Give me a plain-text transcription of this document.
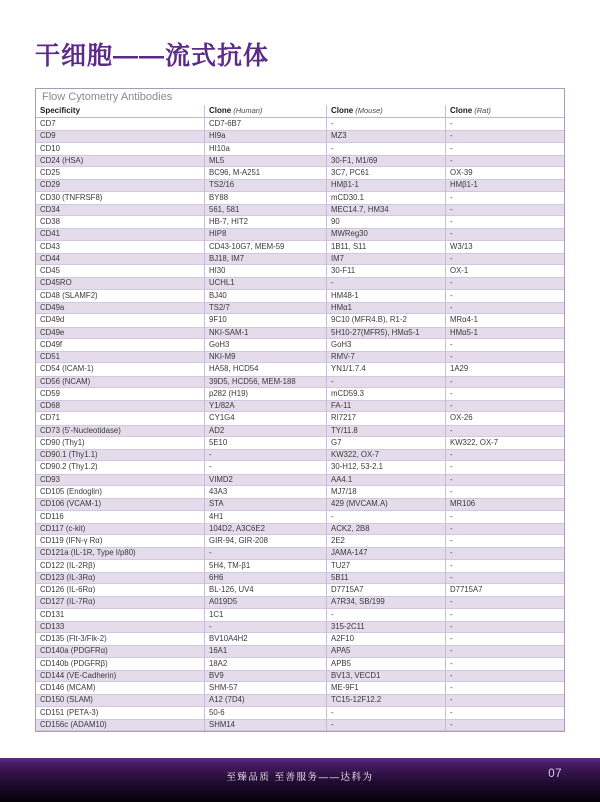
干细胞——流式抗体
Flow Cytometry Antibodies
Specificity	Clone (Human)	Clone (Mouse)	Clone (Rat)
CD7	CD7-6B7	-	-
CD9	HI9a	MZ3	-
CD10	HI10a	-	-
CD24 (HSA)	ML5	30-F1, M1/69	-
CD25	BC96, M-A251	3C7, PC61	OX-39
CD29	TS2/16	HMβ1-1	HMβ1-1
CD30 (TNFRSF8)	BY88	mCD30.1	-
CD34	561, 581	MEC14.7, HM34	-
CD38	HB-7, HIT2	90	-
CD41	HIP8	MWReg30	-
CD43	CD43-10G7, MEM-59	1B11, S11	W3/13
CD44	BJ18, IM7	IM7	-
CD45	HI30	30-F11	OX-1
CD45RO	UCHL1	-	-
CD48 (SLAMF2)	BJ40	HM48-1	-
CD49a	TS2/7	HMα1	-
CD49d	9F10	9C10 (MFR4.B), R1-2	MRα4-1
CD49e	NKI-SAM-1	5H10-27(MFR5), HMα5-1	HMα5-1
CD49f	GoH3	GoH3	-
CD51	NKI-M9	RMV-7	-
CD54 (ICAM-1)	HA58, HCD54	YN1/1.7.4	1A29
CD56 (NCAM)	39D5, HCD56, MEM-188	-	-
CD59	p282 (H19)	mCD59.3	-
CD68	Y1/82A	FA-11	-
CD71	CY1G4	RI7217	OX-26
CD73 (5'-Nucleotidase)	AD2	TY/11.8	-
CD90 (Thy1)	5E10	G7	KW322, OX-7
CD90.1 (Thy1.1)	-	KW322, OX-7	-
CD90.2 (Thy1.2)	-	30-H12, 53-2.1	-
CD93	VIMD2	AA4.1	-
CD105 (Endoglin)	43A3	MJ7/18	-
CD106 (VCAM-1)	STA	429 (MVCAM.A)	MR106
CD116	4H1	-	-
CD117 (c-kit)	104D2, A3C6E2	ACK2, 2B8	-
CD119 (IFN-γ Rα)	GIR-94, GIR-208	2E2	-
CD121a (IL-1R, Type I/p80)	-	JAMA-147	-
CD122 (IL-2Rβ)	5H4, TM-β1	TU27	-
CD123 (IL-3Rα)	6H6	5B11	-
CD126 (IL-6Rα)	BL-126, UV4	D7715A7	D7715A7
CD127 (IL-7Rα)	A019D5	A7R34, SB/199	-
CD131	1C1	-	-
CD133	-	315-2C11	-
CD135 (Flt-3/Flk-2)	BV10A4H2	A2F10	-
CD140a (PDGFRα)	16A1	APA5	-
CD140b (PDGFRβ)	18A2	APB5	-
CD144 (VE-Cadherin)	BV9	BV13, VECD1	-
CD146 (MCAM)	SHM-57	ME-9F1	-
CD150 (SLAM)	A12 (7D4)	TC15-12F12.2	-
CD151 (PETA-3)	50-6	-	-
CD156c (ADAM10)	SHM14	-	-
至臻品质 至善服务——达科为	07
